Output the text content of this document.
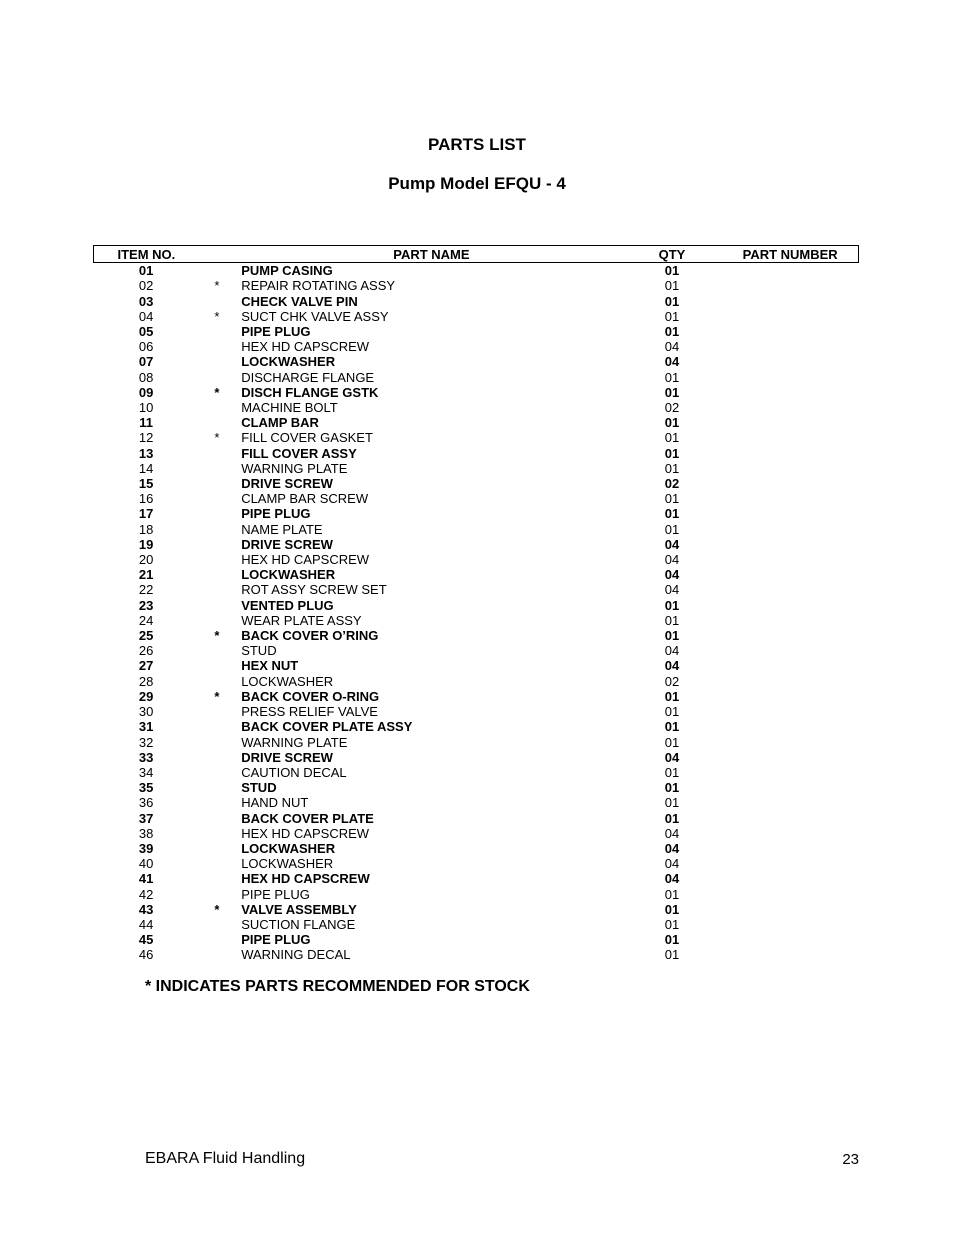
PARTS LIST
Pump Model EFQU - 4
ITEM NO.		PART NAME	QTY	PART NUMBER
01		PUMP CASING	01	
02	*	REPAIR ROTATING ASSY	01	
03		CHECK VALVE PIN	01	
04	*	SUCT CHK VALVE ASSY	01	
05		PIPE PLUG	01	
06		HEX HD CAPSCREW	04	
07		LOCKWASHER	04	
08		DISCHARGE FLANGE	01	
09	*	DISCH FLANGE GSTK	01	
10		MACHINE BOLT	02	
11		CLAMP BAR	01	
12	*	FILL COVER GASKET	01	
13		FILL COVER ASSY	01	
14		WARNING PLATE	01	
15		DRIVE SCREW	02	
16		CLAMP BAR SCREW	01	
17		PIPE PLUG	01	
18		NAME PLATE	01	
19		DRIVE SCREW	04	
20		HEX HD CAPSCREW	04	
21		LOCKWASHER	04	
22		ROT ASSY SCREW SET	04	
23		VENTED PLUG	01	
24		WEAR PLATE ASSY	01	
25	*	BACK COVER O’RING	01	
26		STUD	04	
27		HEX NUT	04	
28		LOCKWASHER	02	
29	*	BACK COVER O-RING	01	
30		PRESS RELIEF VALVE	01	
31		BACK COVER PLATE ASSY	01	
32		WARNING PLATE	01	
33		DRIVE SCREW	04	
34		CAUTION DECAL	01	
35		STUD	01	
36		HAND NUT	01	
37		BACK COVER PLATE	01	
38		HEX HD CAPSCREW	04	
39		LOCKWASHER	04	
40		LOCKWASHER	04	
41		HEX HD CAPSCREW	04	
42		PIPE PLUG	01	
43	*	VALVE ASSEMBLY	01	
44		SUCTION FLANGE	01	
45		PIPE PLUG	01	
46		WARNING DECAL	01	
* INDICATES PARTS RECOMMENDED FOR STOCK
EBARA Fluid Handling	23
